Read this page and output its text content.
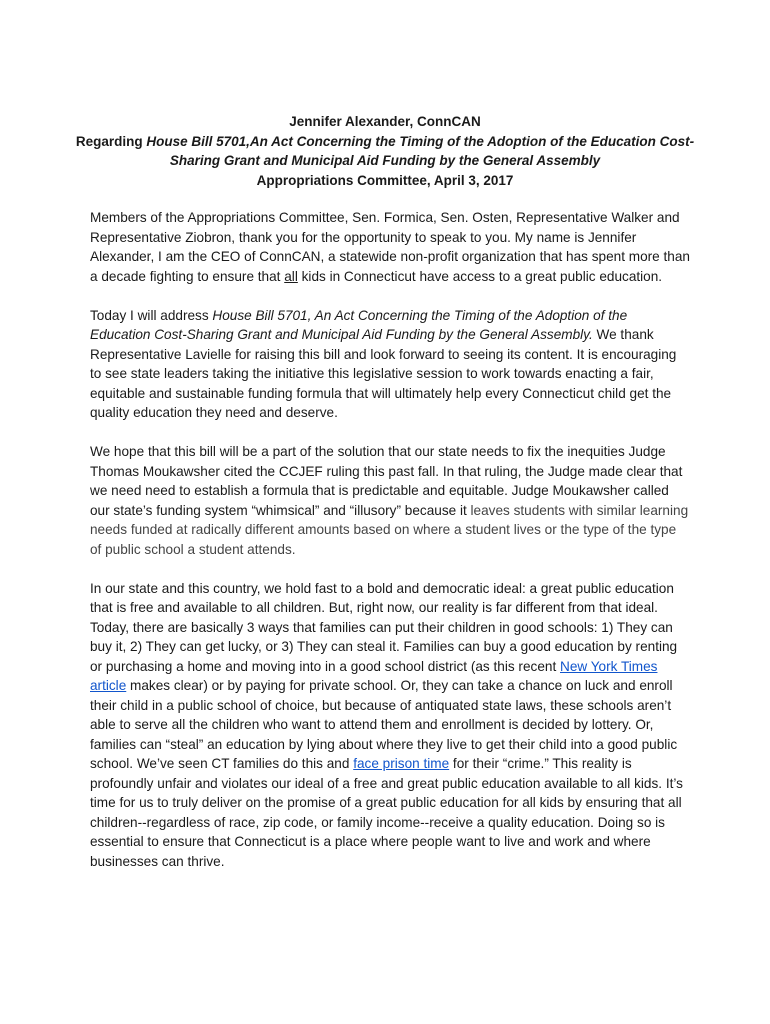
Jennifer Alexander, ConnCAN
Regarding House Bill 5701,An Act Concerning the Timing of the Adoption of the Education Cost-Sharing Grant and Municipal Aid Funding by the General Assembly
Appropriations Committee, April 3, 2017

Members of the Appropriations Committee, Sen. Formica, Sen. Osten, Representative Walker and Representative Ziobron, thank you for the opportunity to speak to you. My name is Jennifer Alexander, I am the CEO of ConnCAN, a statewide non-profit organization that has spent more than a decade fighting to ensure that all kids in Connecticut have access to a great public education.

Today I will address House Bill 5701, An Act Concerning the Timing of the Adoption of the Education Cost-Sharing Grant and Municipal Aid Funding by the General Assembly. We thank Representative Lavielle for raising this bill and look forward to seeing its content. It is encouraging to see state leaders taking the initiative this legislative session to work towards enacting a fair, equitable and sustainable funding formula that will ultimately help every Connecticut child get the quality education they need and deserve.

We hope that this bill will be a part of the solution that our state needs to fix the inequities Judge Thomas Moukawsher cited the CCJEF ruling this past fall. In that ruling, the Judge made clear that we need need to establish a formula that is predictable and equitable. Judge Moukawsher called our state’s funding system “whimsical” and “illusory” because it leaves students with similar learning needs funded at radically different amounts based on where a student lives or the type of the type of public school a student attends.

In our state and this country, we hold fast to a bold and democratic ideal: a great public education that is free and available to all children. But, right now, our reality is far different from that ideal. Today, there are basically 3 ways that families can put their children in good schools: 1) They can buy it, 2) They can get lucky, or 3) They can steal it. Families can buy a good education by renting or purchasing a home and moving into in a good school district (as this recent New York Times article makes clear) or by paying for private school. Or, they can take a chance on luck and enroll their child in a public school of choice, but because of antiquated state laws, these schools aren’t able to serve all the children who want to attend them and enrollment is decided by lottery. Or, families can “steal” an education by lying about where they live to get their child into a good public school. We’ve seen CT families do this and face prison time for their “crime.” This reality is profoundly unfair and violates our ideal of a free and great public education available to all kids. It’s time for us to truly deliver on the promise of a great public education for all kids by ensuring that all children--regardless of race, zip code, or family income--receive a quality education. Doing so is essential to ensure that Connecticut is a place where people want to live and work and where businesses can thrive.
